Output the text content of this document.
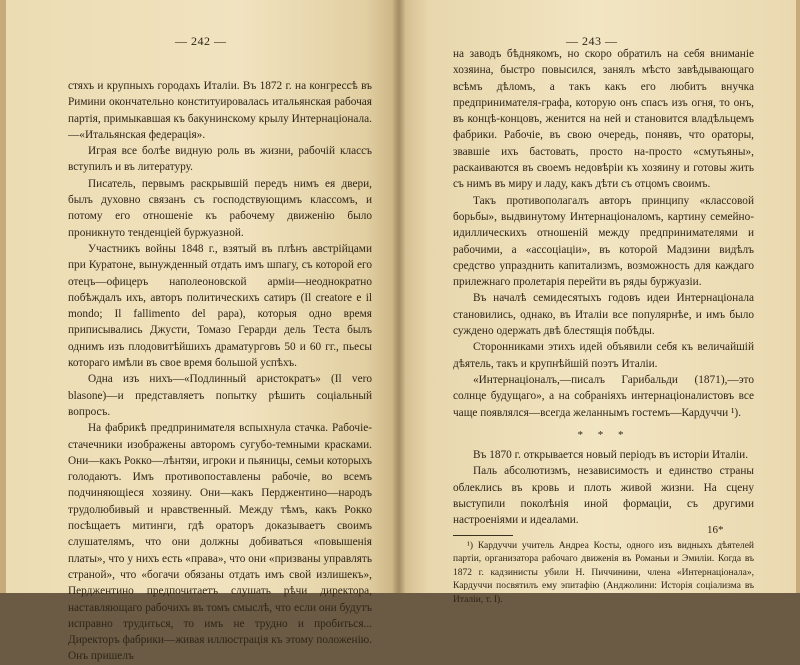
— 242 —

стяхъ и крупныхъ городахъ Италіи. Въ 1872 г. на конгрессѣ въ Римини окончательно конституировалась итальянская рабочая партія, примыкавшая къ бакунинскому крылу Интернаціонала.—«Итальянская федерація».

Играя все болѣе видную роль въ жизни, рабочій классъ вступилъ и въ литературу.

Писатель, первымъ раскрывшій передъ нимъ ея двери, былъ духовно связанъ съ господствующимъ классомъ, и потому его отношеніе къ рабочему движенію было проникнуто тенденціей буржуазной.

Участникъ войны 1848 г., взятый въ плѣнъ австрійцами при Куратоне, вынужденный отдать имъ шпагу, съ которой его отецъ—офицеръ наполеоновской арміи—неоднократно побѣждалъ ихъ, авторъ политическихъ сатиръ (Il creatore e il mondo; Il fallimento del papa), которыя одно время приписывались Джусти, Томазо Герарди дель Теста былъ однимъ изъ плодовитѣйшихъ драматурговъ 50 и 60 гг., пьесы котораго имѣли въ свое время большой успѣхъ.

Одна изъ нихъ—«Подлинный аристократъ» (Il vero blasone)—и представляетъ попытку рѣшить соціальный вопросъ.

На фабрикѣ предпринимателя вспыхнула стачка. Рабочіе-стачечники изображены авторомъ сугубо-темными красками. Они—какъ Рокко—лѣнтяи, игроки и пьяницы, семьи которыхъ голодаютъ. Имъ противопоставлены рабочіе, во всемъ подчиняющіеся хозяину. Они—какъ Перджентино—народъ трудолюбивый и нравственный. Между тѣмъ, какъ Рокко посѣщаетъ митинги, гдѣ ораторъ доказываетъ своимъ слушателямъ, что они должны добиваться «повышенія платы», что у нихъ есть «права», что они «призваны управлять страной», что «богачи обязаны отдать имъ свой излишекъ», Перджентино предпочитаетъ слушать рѣчи директора, наставляющаго рабочихъ въ томъ смыслѣ, что если они будутъ исправно трудиться, то имъ не трудно и пробиться... Директоръ фабрики—живая иллюстрація къ этому положенію. Онъ пришелъ

— 243 —

на заводъ бѣднякомъ, но скоро обратилъ на себя вниманіе хозяина, быстро повысился, занялъ мѣсто завѣдывающаго всѣмъ дѣломъ, а такъ какъ его любитъ внучка предпринимателя-графа, которую онъ спасъ изъ огня, то онъ, въ концѣ-концовъ, женится на ней и становится владѣльцемъ фабрики. Рабочіе, въ свою очередь, понявъ, что ораторы, звавшіе ихъ бастовать, просто на-просто «смутьяны», раскаиваются въ своемъ недовѣріи къ хозяину и готовы жить съ нимъ въ миру и ладу, какъ дѣти съ отцомъ своимъ.

Такъ противополагалъ авторъ принципу «классовой борьбы», выдвинутому Интернаціоналомъ, картину семейно-идиллическихъ отношеній между предпринимателями и рабочими, а «ассоціаціи», въ которой Мадзини видѣлъ средство упразднить капитализмъ, возможность для каждаго прилежнаго пролетарія перейти въ ряды буржуазіи.

Въ началѣ семидесятыхъ годовъ идеи Интернаціонала становились, однако, въ Италіи все популярнѣе, и имъ было суждено одержать двѣ блестящія побѣды.

Сторонниками этихъ идей объявили себя къ величайшій дѣятель, такъ и крупнѣйшій поэтъ Италіи.

«Интернаціоналъ,—писалъ Гарибальди (1871),—это солнце будущаго», а на собраніяхъ интернаціоналистовъ все чаще появлялся—всегда желаннымъ гостемъ—Кардуччи ¹).

* * *

Въ 1870 г. открывается новый періодъ въ исторіи Италіи.

Паль абсолютизмъ, независимость и единство страны облеклись въ кровь и плоть живой жизни. На сцену выступили поколѣнія иной формаціи, съ другими настроеніями и идеалами.

¹) Кардуччи учитель Андреа Косты, одного изъ видныхъ дѣятелей партіи, организатора рабочаго движенія въ Романьи и Эмиліи. Когда въ 1872 г. кадзинисты убили Н. Пиччинини, члена «Интернаціонала», Кардуччи посвятилъ ему эпитафію (Анджолини: Исторія соціализма въ Италіи, т. I).

16*
